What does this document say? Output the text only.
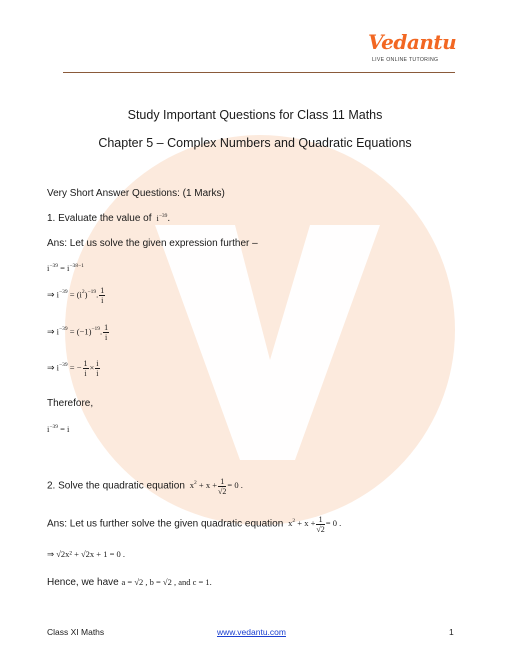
Vedantu
LIVE ONLINE TUTORING
Study Important Questions for Class 11 Maths
Chapter 5 – Complex Numbers and Quadratic Equations
Very Short Answer Questions: (1 Marks)
1. Evaluate the value of $i^{-39}$.
Ans: Let us solve the given expression further –
$i^{-39} = i^{-38-1}$
⇒ $i^{-39} = (i^2)^{-19}$. $\frac{1}{i}$
⇒ $i^{-39} = (-1)^{-19}$. $\frac{1}{i}$
⇒ $i^{-39}$ = − $\frac{1}{i} \times \frac{i}{i}$
Therefore,
$i^{-39} = i$
2. Solve the quadratic equation $x^2 + x + \frac{1}{√2} = 0$ .
Ans: Let us further solve the given quadratic equation $x^2 + x + \frac{1}{√2} = 0$ .
⇒ √2x² + √2x + 1 = 0 .
Hence, we have a = √2 , b = √2 , and c = 1.
Class XI Maths	www.vedantu.com	1
